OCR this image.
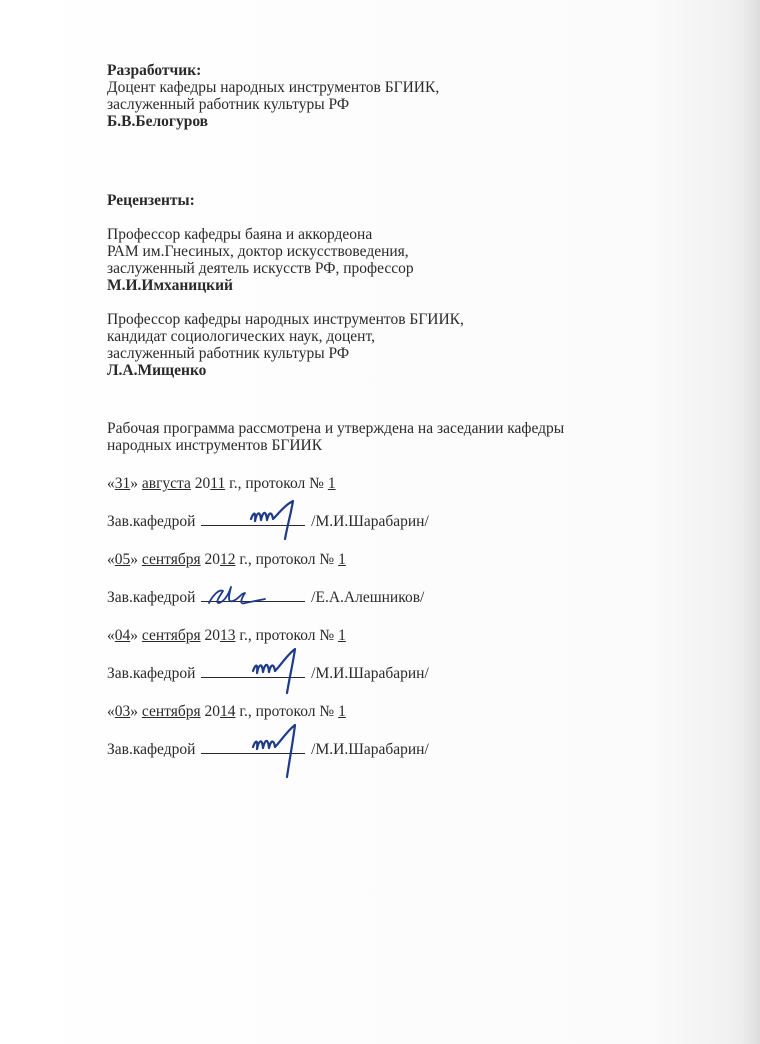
Разработчик:
Доцент кафедры народных инструментов БГИИК,
заслуженный работник культуры РФ
Б.В.Белогуров
Рецензенты:
Профессор кафедры баяна и аккордеона
РАМ им.Гнесиных, доктор искусствоведения,
заслуженный деятель искусств РФ, профессор
М.И.Имханицкий
Профессор кафедры народных инструментов БГИИК,
кандидат социологических наук, доцент,
заслуженный работник культуры РФ
Л.А.Мищенко
Рабочая программа рассмотрена и утверждена на заседании кафедры
народных инструментов БГИИК
«31» августа 2011 г., протокол № 1
Зав.кафедрой	/М.И.Шарабарин/
«05» сентября 2012 г., протокол № 1
Зав.кафедрой	/Е.А.Алешников/
«04» сентября 2013 г., протокол № 1
Зав.кафедрой	/М.И.Шарабарин/
«03» сентября 2014 г., протокол № 1
Зав.кафедрой	/М.И.Шарабарин/
